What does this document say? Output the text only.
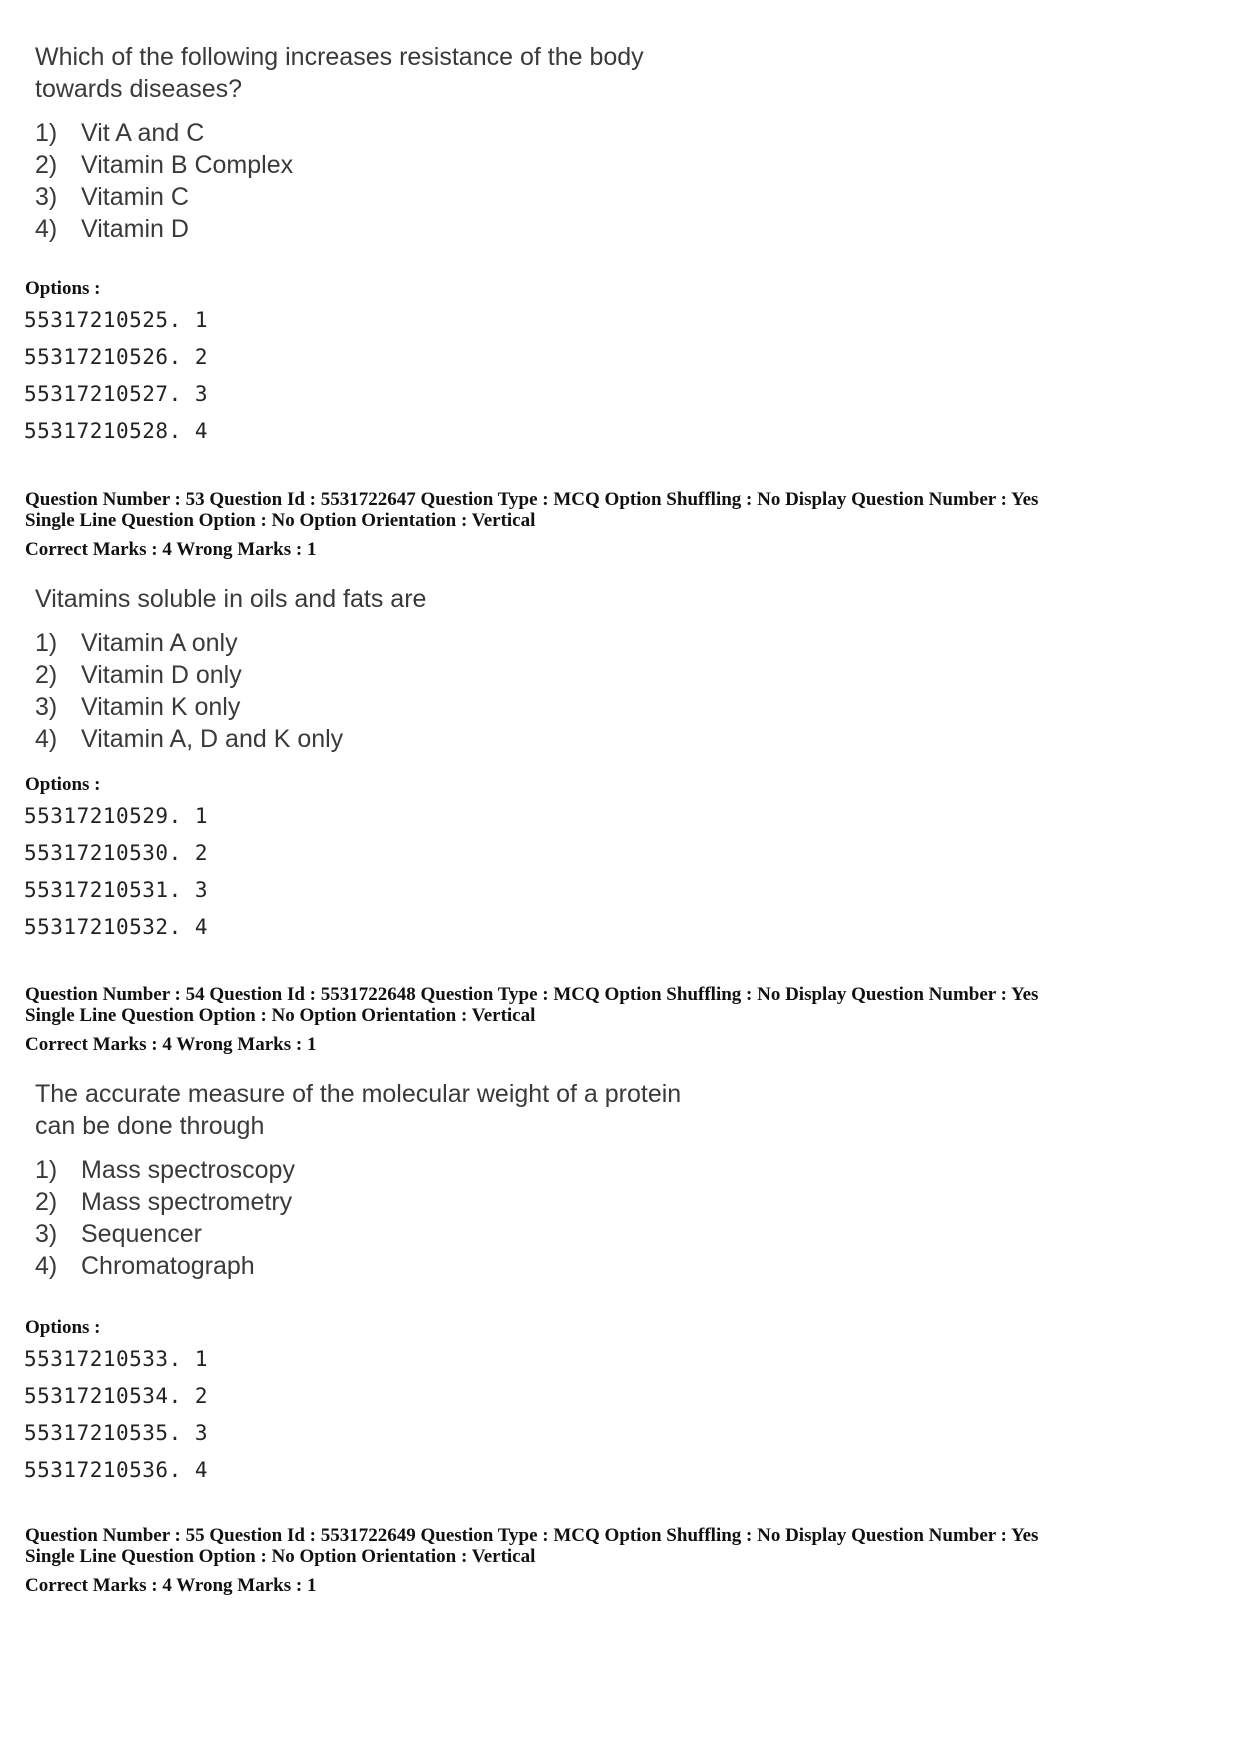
Which of the following increases resistance of the body
towards diseases?
1) Vit A and C
2) Vitamin B Complex
3) Vitamin C
4) Vitamin D
Options :
55317210525. 1
55317210526. 2
55317210527. 3
55317210528. 4
Question Number : 53 Question Id : 5531722647 Question Type : MCQ Option Shuffling : No Display Question Number : Yes
Single Line Question Option : No Option Orientation : Vertical
Correct Marks : 4 Wrong Marks : 1
Vitamins soluble in oils and fats are
1) Vitamin A only
2) Vitamin D only
3) Vitamin K only
4) Vitamin A, D and K only
Options :
55317210529. 1
55317210530. 2
55317210531. 3
55317210532. 4
Question Number : 54 Question Id : 5531722648 Question Type : MCQ Option Shuffling : No Display Question Number : Yes
Single Line Question Option : No Option Orientation : Vertical
Correct Marks : 4 Wrong Marks : 1
The accurate measure of the molecular weight of a protein
can be done through
1) Mass spectroscopy
2) Mass spectrometry
3) Sequencer
4) Chromatograph
Options :
55317210533. 1
55317210534. 2
55317210535. 3
55317210536. 4
Question Number : 55 Question Id : 5531722649 Question Type : MCQ Option Shuffling : No Display Question Number : Yes
Single Line Question Option : No Option Orientation : Vertical
Correct Marks : 4 Wrong Marks : 1
